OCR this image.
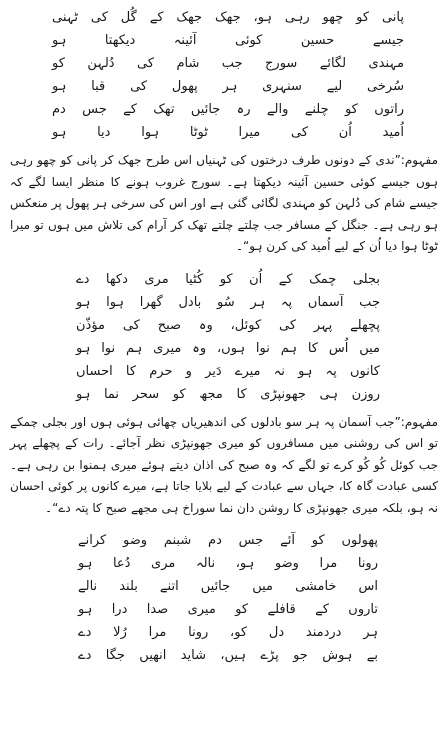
پانی کو چھو رہی ہو، جھک جھک کے گُل کی ٹہنی
جیسے حسین کوئی آئینہ دیکھتا ہو
مہندی لگائے سورج جب شام کی دُلہن کو
سُرخی لیے سنہری ہر پھول کی قبا ہو
راتوں کو چلنے والے رہ جائیں تھک کے جس دم
اُمید اُن کی میرا ٹوٹا ہوا دیا ہو

مفہوم:”ندی کے دونوں طرف درختوں کی ٹہنیاں اس طرح جھک کر پانی کو چھو رہی ہوں جیسے کوئی حسین آئینہ دیکھتا ہے۔ سورج غروب ہونے کا منظر ایسا لگے کہ جیسے شام کی دُلہن کو مہندی لگائی گئی ہے اور اس کی سرخی ہر پھول پر منعکس ہو رہی ہے۔ جنگل کے مسافر جب چلتے چلتے تھک کر آرام کی تلاش میں ہوں تو میرا ٹوٹا ہوا دیا اُن کے لیے اُمید کی کرن ہو“۔

بجلی چمک کے اُن کو کُٹیا مری دکھا دے
جب آسماں پہ ہر سُو بادل گھرا ہوا ہو
پچھلے پہر کی کوئل، وہ صبح کی مؤذّن
میں اُس کا ہم نوا ہوں، وہ میری ہم نوا ہو
کانوں پہ ہو نہ میرے دَیر و حرم کا احساں
روزن ہی جھونپڑی کا مجھ کو سحر نما ہو

مفہوم:”جب آسمان پہ ہر سو بادلوں کی اندھیریاں چھائی ہوئی ہوں اور بجلی چمکے تو اس کی روشنی میں مسافروں کو میری جھونپڑی نظر آجائے۔ رات کے پچھلے پہر جب کوئل کُو کُو کرے تو لگے کہ وہ صبح کی اذان دیتے ہوئے میری ہمنوا بن رہی ہے۔ کسی عبادت گاہ کا، جہاں سے عبادت کے لیے بلایا جاتا ہے، میرے کانوں پر کوئی احسان نہ ہو، بلکہ میری جھونپڑی کا روشن دان نما سوراخ ہی مجھے صبح کا پتہ دے“۔

پھولوں کو آئے جس دم شبنم وضو کرانے
رونا مرا وضو ہو، نالہ مری دُعا ہو
اس خامشی میں جائیں اتنے بلند نالے
تاروں کے قافلے کو میری صدا درا ہو
ہر دردمند دل کو، رونا مرا رُلا دے
بے ہوش جو پڑے ہیں، شاید انھیں جگا دے
